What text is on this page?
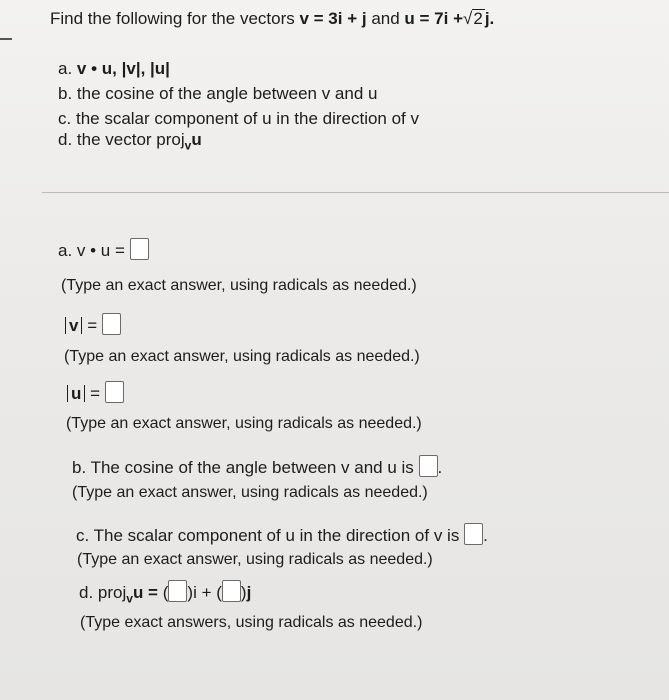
Find the following for the vectors v = 3i + j and u = 7i +√2 j.
a. v • u, |v|, |u|
b. the cosine of the angle between v and u
c. the scalar component of u in the direction of v
d. the vector proj$_v$u
a. v • u =
(Type an exact answer, using radicals as needed.)
v =
(Type an exact answer, using radicals as needed.)
u =
(Type an exact answer, using radicals as needed.)
b. The cosine of the angle between v and u is .
(Type an exact answer, using radicals as needed.)
c. The scalar component of u in the direction of v is .
(Type an exact answer, using radicals as needed.)
d. proj$_v$u = ( )i + ( )j
(Type exact answers, using radicals as needed.)
